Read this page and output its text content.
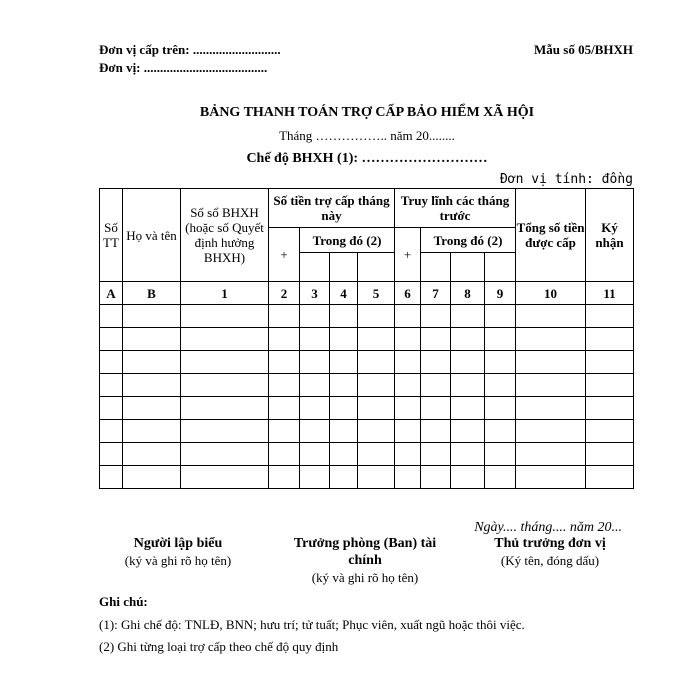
Đơn vị cấp trên: ...........................
Đơn vị: ......................................
Mẫu số 05/BHXH
BẢNG THANH TOÁN TRỢ CẤP BẢO HIỂM XÃ HỘI
Tháng …………….. năm 20........
Chế độ BHXH (1): ………………………
Đơn vị tính: đồng
Số TT	Họ và tên	Số sổ BHXH (hoặc số Quyết định hưởng BHXH)	Số tiền trợ cấp tháng này				Truy lĩnh các tháng trước				Tổng số tiền được cấp	Ký nhận
			+	Trong đó (2)			+	Trong đó (2)				

A	B	1	2	3	4	5	6	7	8	9	10	11

Ngày.... tháng.... năm 20...
Người lập biểu
(ký và ghi rõ họ tên)
Trưởng phòng (Ban) tài
chính
(ký và ghi rõ họ tên)
Thủ trưởng đơn vị
(Ký tên, đóng dấu)
Ghi chú:
(1): Ghi chế độ: TNLĐ, BNN; hưu trí; tử tuất; Phục viên, xuất ngũ hoặc thôi việc.
(2) Ghi từng loại trợ cấp theo chế độ quy định
